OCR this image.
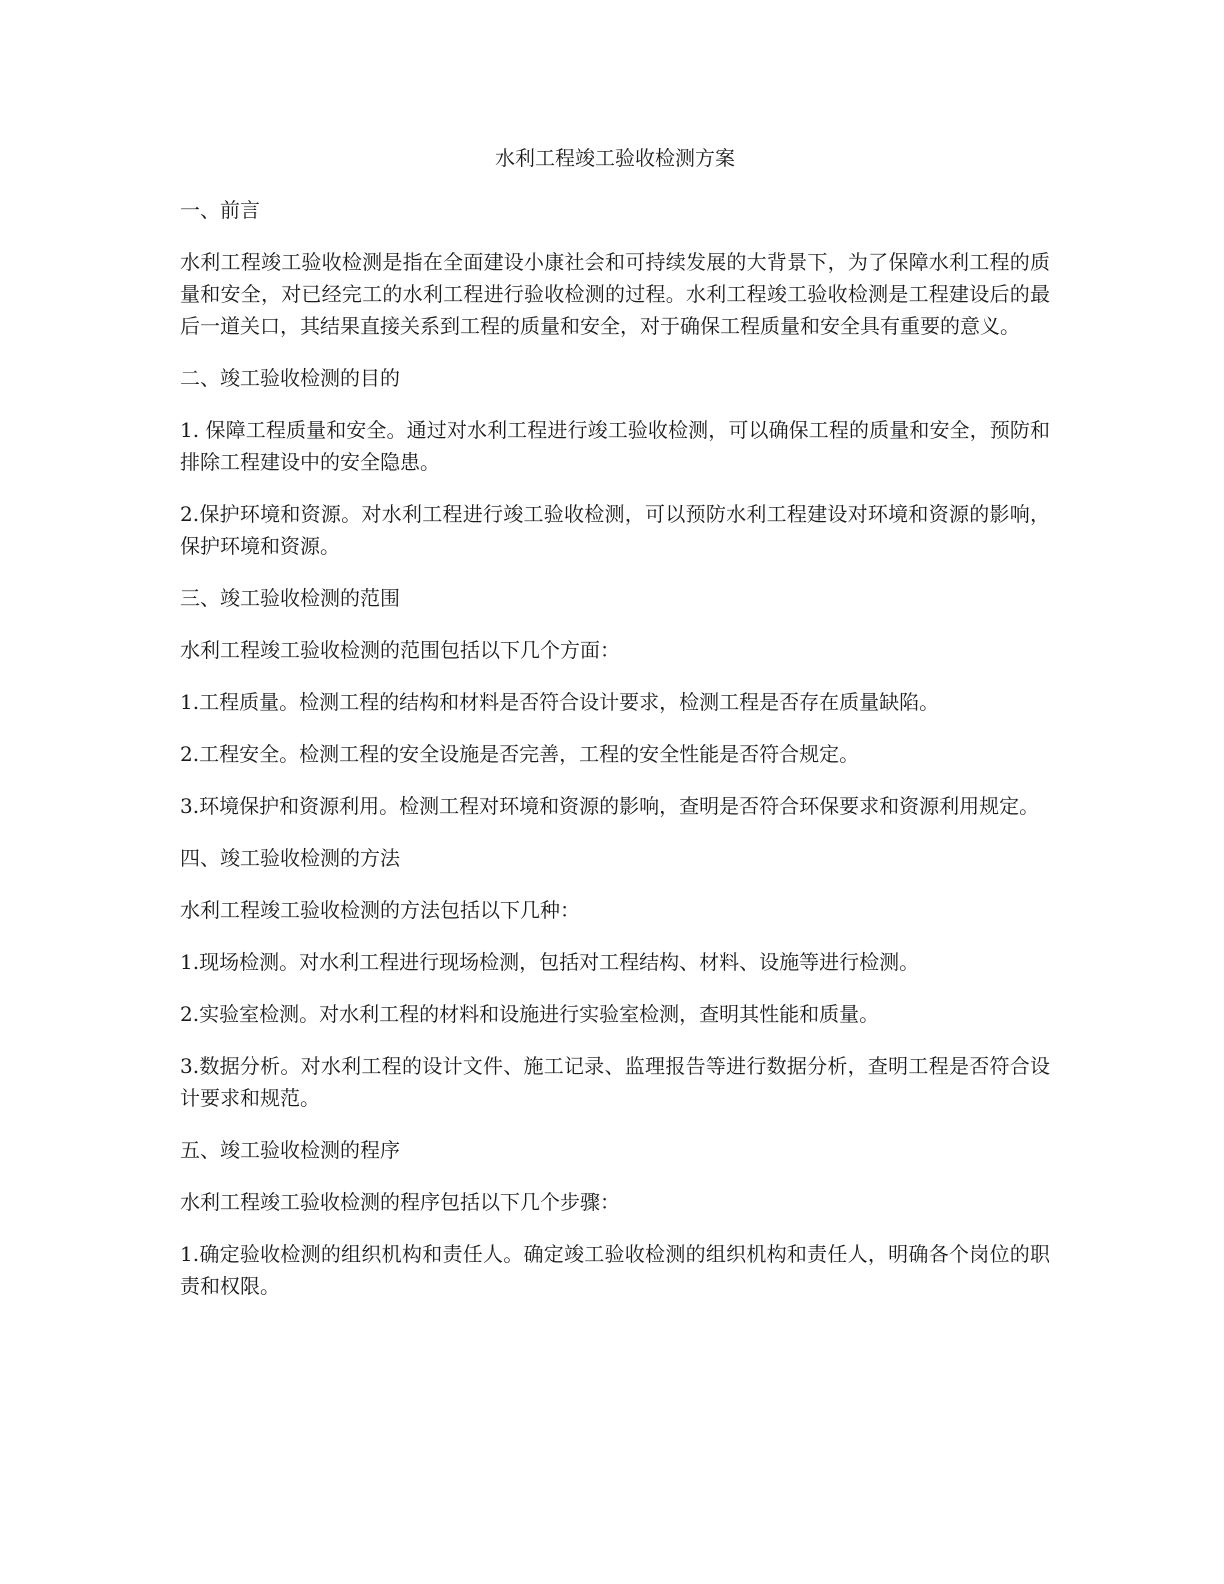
水利工程竣工验收检测方案

一、前言

水利工程竣工验收检测是指在全面建设小康社会和可持续发展的大背景下，为了保障水利工程的质量和安全，对已经完工的水利工程进行验收检测的过程。水利工程竣工验收检测是工程建设后的最后一道关口，其结果直接关系到工程的质量和安全，对于确保工程质量和安全具有重要的意义。

二、竣工验收检测的目的

1. 保障工程质量和安全。通过对水利工程进行竣工验收检测，可以确保工程的质量和安全，预防和排除工程建设中的安全隐患。

2.保护环境和资源。对水利工程进行竣工验收检测，可以预防水利工程建设对环境和资源的影响，保护环境和资源。

三、竣工验收检测的范围

水利工程竣工验收检测的范围包括以下几个方面：

1.工程质量。检测工程的结构和材料是否符合设计要求，检测工程是否存在质量缺陷。

2.工程安全。检测工程的安全设施是否完善，工程的安全性能是否符合规定。

3.环境保护和资源利用。检测工程对环境和资源的影响，查明是否符合环保要求和资源利用规定。

四、竣工验收检测的方法

水利工程竣工验收检测的方法包括以下几种：

1.现场检测。对水利工程进行现场检测，包括对工程结构、材料、设施等进行检测。

2.实验室检测。对水利工程的材料和设施进行实验室检测，查明其性能和质量。

3.数据分析。对水利工程的设计文件、施工记录、监理报告等进行数据分析，查明工程是否符合设计要求和规范。

五、竣工验收检测的程序

水利工程竣工验收检测的程序包括以下几个步骤：

1.确定验收检测的组织机构和责任人。确定竣工验收检测的组织机构和责任人，明确各个岗位的职责和权限。
